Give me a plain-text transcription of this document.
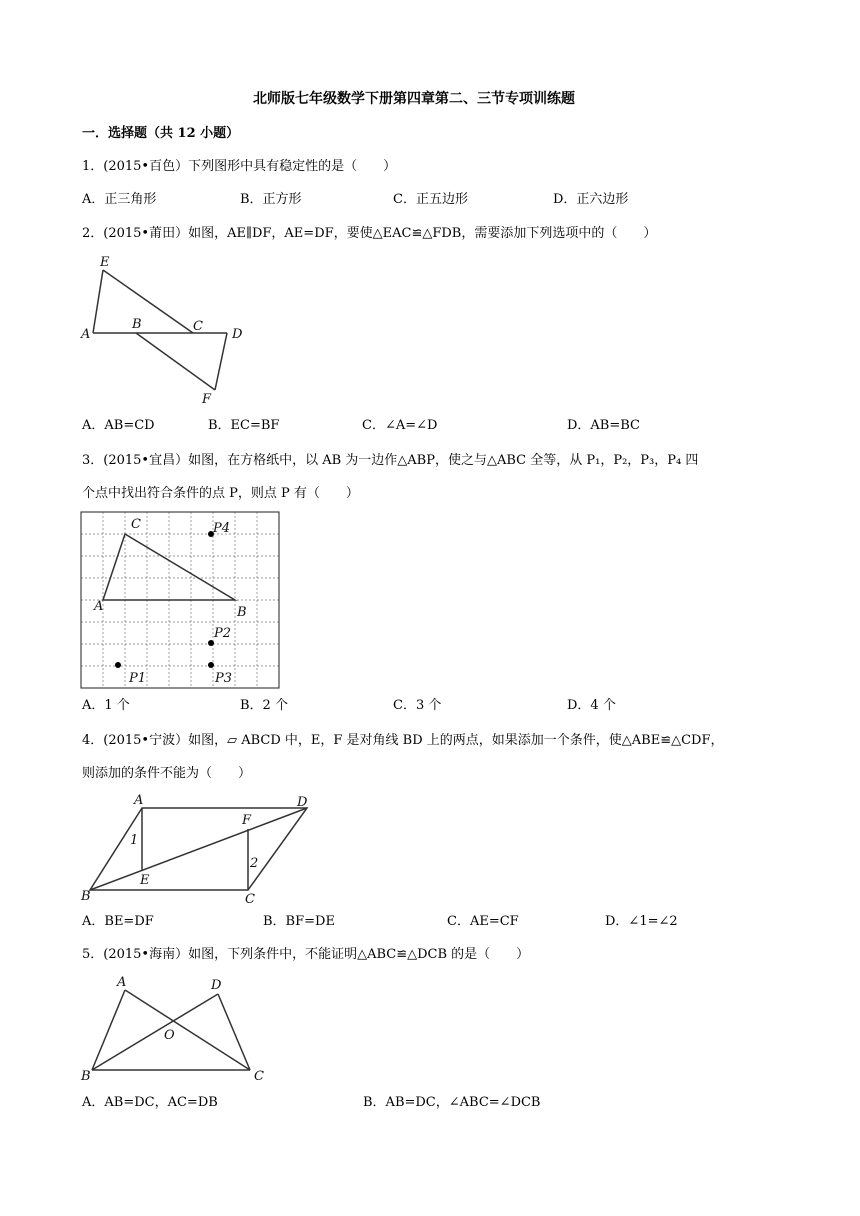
北师版七年级数学下册第四章第二、三节专项训练题
一．选择题（共 12 小题）
1．(2015•百色）下列图形中具有稳定性的是（　　）
A．正三角形	B．正方形	C．正五边形	D．正六边形
2．(2015•莆田）如图，AE∥DF，AE=DF，要使△EAC≌△FDB，需要添加下列选项中的（　　）
E
A
B	C
D
F
A．AB=CD	B．EC=BF	C．∠A=∠D	D．AB=BC
3．(2015•宜昌）如图，在方格纸中，以 AB 为一边作△ABP，使之与△ABC 全等，从 P₁，P₂，P₃，P₄ 四
个点中找出符合条件的点 P，则点 P 有（　　）
C
A	B
P4
P2
P1	P3
A．1 个	B．2 个	C．3 个	D．4 个
4．(2015•宁波）如图，▱ ABCD 中，E，F 是对角线 BD 上的两点，如果添加一个条件，使△ABE≌△CDF，
则添加的条件不能为（　　）
A	D
F
1
2
B
E
C
A．BE=DF	B．BF=DE	C．AE=CF	D．∠1=∠2
5．(2015•海南）如图，下列条件中，不能证明△ABC≌△DCB 的是（　　）
A	D
O
B	C
A．AB=DC，AC=DB	B．AB=DC，∠ABC=∠DCB
